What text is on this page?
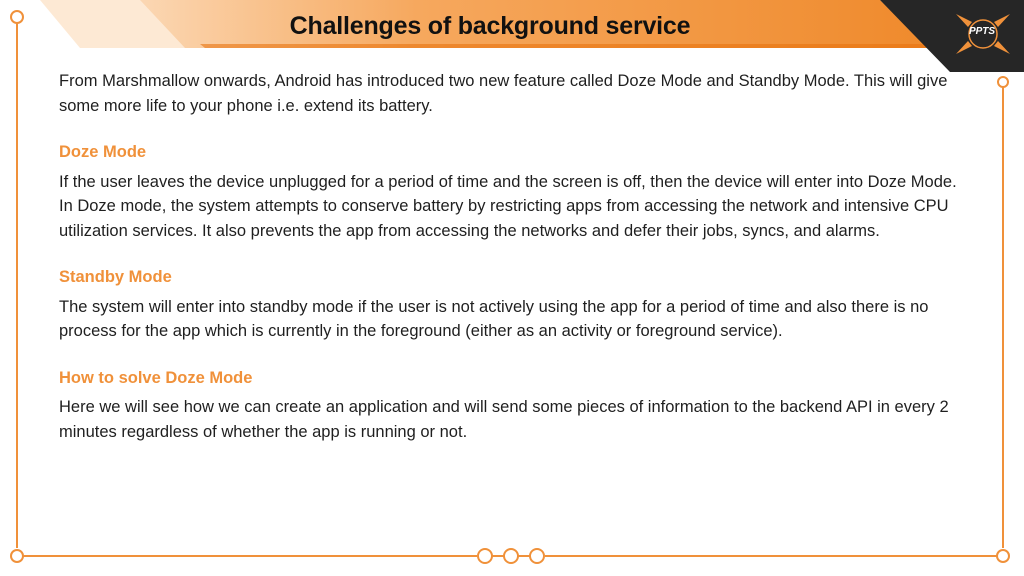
Challenges of background service	PPTS

From Marshmallow onwards, Android has introduced two new feature called Doze Mode and Standby Mode. This will give some more life to your phone i.e. extend its battery.

Doze Mode

If the user leaves the device unplugged for a period of time and the screen is off, then the device will enter into Doze Mode. In Doze mode, the system attempts to conserve battery by restricting apps from accessing the network and intensive CPU utilization services. It also prevents the app from accessing the networks and defer their jobs, syncs, and alarms.

Standby Mode

The system will enter into standby mode if the user is not actively using the app for a period of time and also there is no process for the app which is currently in the foreground (either as an activity or foreground service).

How to solve Doze Mode

Here we will see how we can create an application and will send some pieces of information to the backend API in every 2 minutes regardless of whether the app is running or not.
